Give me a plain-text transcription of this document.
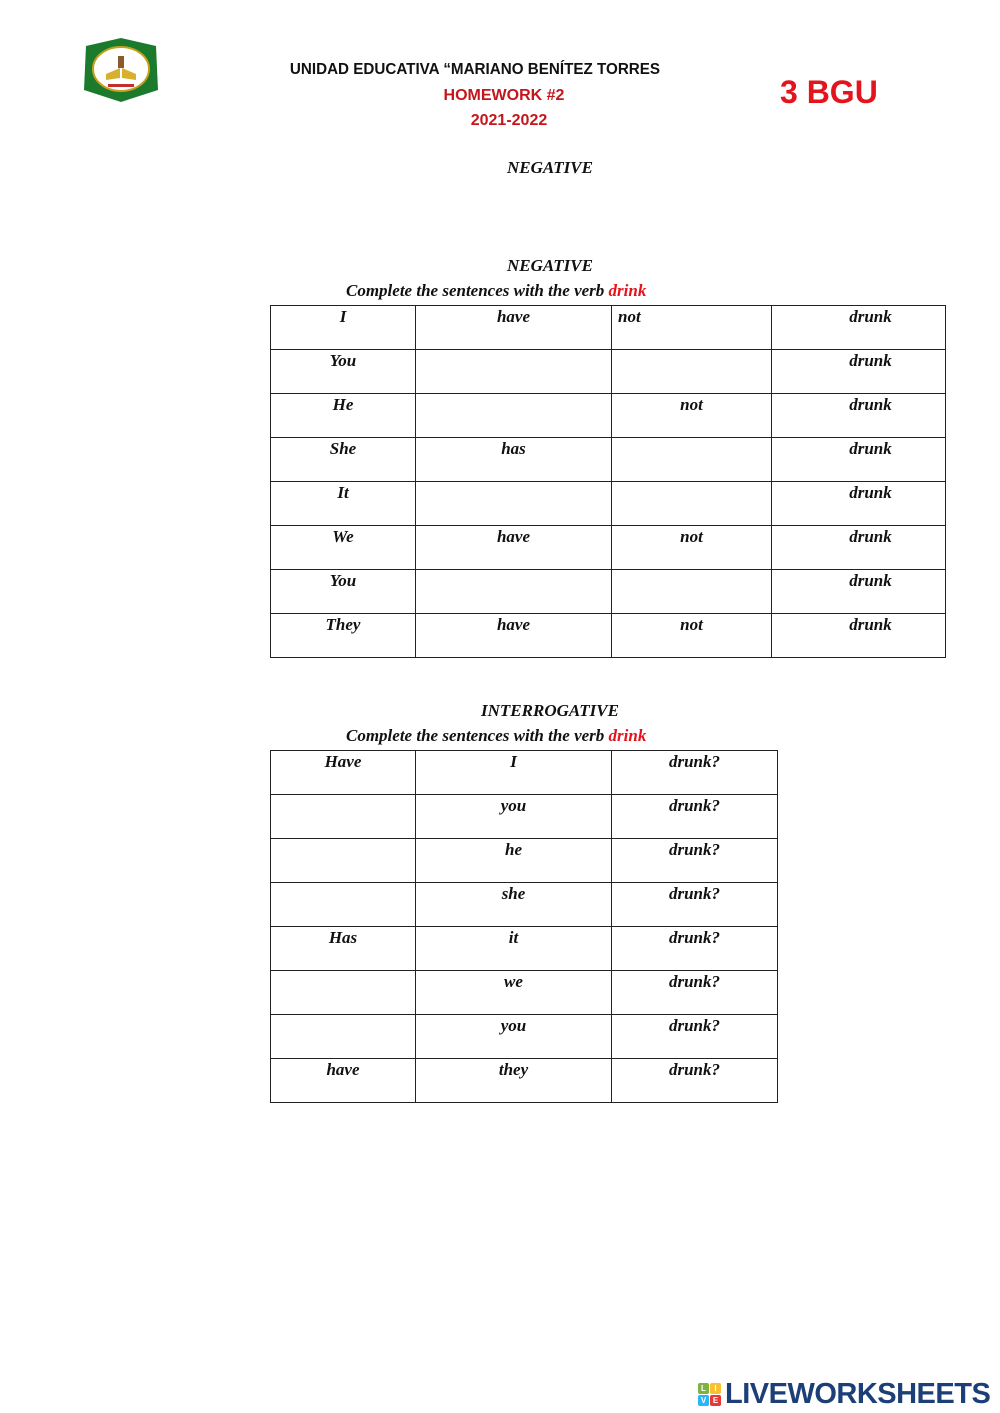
UNIDAD EDUCATIVA “MARIANO BENÍTEZ TORRES
HOMEWORK #2
2021-2022
3 BGU
NEGATIVE
NEGATIVE
Complete the sentences with the verb drink
I	have	not	drunk
You			drunk
He		not	drunk
She	has		drunk
It			drunk
We	have	not	drunk
You			drunk
They	have	not	drunk
INTERROGATIVE
Complete the sentences with the verb drink
Have	I	drunk?
	you	drunk?
	he	drunk?
	she	drunk?
Has	it	drunk?
	we	drunk?
	you	drunk?
have	they	drunk?
L	I
V E LIVEWORKSHEETS
